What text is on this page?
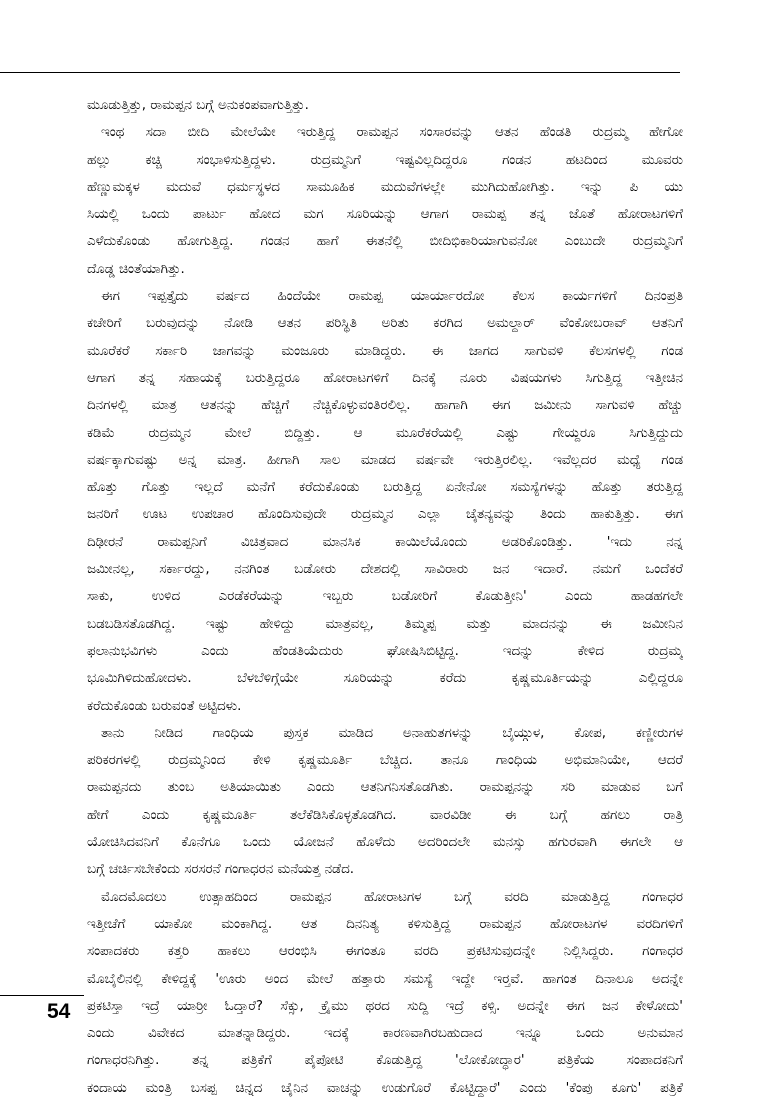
ಮೂಡುತ್ತಿತ್ತು, ರಾಮಪ್ಪನ ಬಗ್ಗೆ ಅನುಕಂಪವಾಗುತ್ತಿತ್ತು.
ಇಂಥ ಸದಾ ಬೀದಿ ಮೇಲೆಯೇ ಇರುತ್ತಿದ್ದ ರಾಮಪ್ಪನ ಸಂಸಾರವನ್ನು ಆತನ ಹೆಂಡತಿ ರುದ್ರಮ್ಮ ಹೇಗೋ
ಹಲ್ಲು ಕಚ್ಚಿ ಸಂಭಾಳಿಸುತ್ತಿದ್ದಳು. ರುದ್ರಮ್ಮನಿಗೆ ಇಷ್ಟವಿಲ್ಲದಿದ್ದರೂ ಗಂಡನ ಹಟದಿಂದ ಮೂವರು
ಹೆಣ್ಣುಮಕ್ಕಳ ಮದುವೆ ಧರ್ಮಸ್ಥಳದ ಸಾಮೂಹಿಕ ಮದುವೆಗಳಲ್ಲೇ ಮುಗಿದುಹೋಗಿತ್ತು. ಇನ್ನು ಪಿ ಯು
ಸಿಯಲ್ಲಿ ಒಂದು ಪಾರ್ಟು ಹೋದ ಮಗ ಸೂರಿಯನ್ನು ಆಗಾಗ ರಾಮಪ್ಪ ತನ್ನ ಜೊತೆ ಹೋರಾಟಗಳಿಗೆ
ಎಳೆದುಕೊಂಡು ಹೋಗುತ್ತಿದ್ದ. ಗಂಡನ ಹಾಗೆ ಈತನೆಲ್ಲಿ ಬೀದಿಭಿಕಾರಿಯಾಗುವನೋ ಎಂಬುದೇ ರುದ್ರಮ್ಮನಿಗೆ
ದೊಡ್ಡ ಚಿಂತೆಯಾಗಿತ್ತು.
ಈಗ ಇಪ್ಪತ್ತೈದು ವರ್ಷದ ಹಿಂದೆಯೇ ರಾಮಪ್ಪ ಯಾರ್ಯಾರದೋ ಕೆಲಸ ಕಾರ್ಯಗಳಿಗೆ ದಿನಂಪ್ರತಿ
ಕಚೇರಿಗೆ ಬರುವುದನ್ನು ನೋಡಿ ಆತನ ಪರಿಸ್ಥಿತಿ ಅರಿತು ಕರಗಿದ ಅಮಲ್ದಾರ್ ವೆಂಕೋಬರಾವ್ ಆತನಿಗೆ
ಮೂರೆಕರೆ ಸರ್ಕಾರಿ ಜಾಗವನ್ನು ಮಂಜೂರು ಮಾಡಿದ್ದರು. ಈ ಜಾಗದ ಸಾಗುವಳಿ ಕೆಲಸಗಳಲ್ಲಿ ಗಂಡ
ಆಗಾಗ ತನ್ನ ಸಹಾಯಕ್ಕೆ ಬರುತ್ತಿದ್ದರೂ ಹೋರಾಟಗಳಿಗೆ ದಿನಕ್ಕೆ ನೂರು ವಿಷಯಗಳು ಸಿಗುತ್ತಿದ್ದ ಇತ್ತೀಚಿನ
ದಿನಗಳಲ್ಲಿ ಮಾತ್ರ ಆತನನ್ನು ಹೆಚ್ಚಿಗೆ ನೆಚ್ಚಿಕೊಳ್ಳುವಂತಿರಲಿಲ್ಲ. ಹಾಗಾಗಿ ಈಗ ಜಮೀನು ಸಾಗುವಳಿ ಹೆಚ್ಚು
ಕಡಿಮೆ ರುದ್ರಮ್ಮನ ಮೇಲೆ ಬಿದ್ದಿತ್ತು. ಆ ಮೂರೆಕರೆಯಲ್ಲಿ ಎಷ್ಟು ಗೇಯ್ದರೂ ಸಿಗುತ್ತಿದ್ದುದು
ವರ್ಷಕ್ಕಾಗುವಷ್ಟು ಅನ್ನ ಮಾತ್ರ. ಹೀಗಾಗಿ ಸಾಲ ಮಾಡದ ವರ್ಷವೇ ಇರುತ್ತಿರಲಿಲ್ಲ. ಇವೆಲ್ಲದರ ಮಧ್ಯೆ ಗಂಡ
ಹೊತ್ತು ಗೊತ್ತು ಇಲ್ಲದೆ ಮನೆಗೆ ಕರೆದುಕೊಂಡು ಬರುತ್ತಿದ್ದ ಏನೇನೋ ಸಮಸ್ಯೆಗಳನ್ನು ಹೊತ್ತು ತರುತ್ತಿದ್ದ
ಜನರಿಗೆ ಊಟ ಉಪಚಾರ ಹೊಂದಿಸುವುದೇ ರುದ್ರಮ್ಮನ ಎಲ್ಲಾ ಚೈತನ್ಯವನ್ನು ತಿಂದು ಹಾಕುತ್ತಿತ್ತು. ಈಗ
ದಿಢೀರನೆ ರಾಮಪ್ಪನಿಗೆ ವಿಚಿತ್ರವಾದ ಮಾನಸಿಕ ಕಾಯಿಲೆಯೊಂದು ಅಡರಿಕೊಂಡಿತ್ತು. 'ಇದು ನನ್ನ
ಜಮೀನಲ್ಲ, ಸರ್ಕಾರದ್ದು, ನನಗಿಂತ ಬಡೋರು ದೇಶದಲ್ಲಿ ಸಾವಿರಾರು ಜನ ಇದಾರೆ. ನಮಗೆ ಒಂದೆಕರೆ
ಸಾಕು, ಉಳಿದ ಎರಡೆಕರೆಯನ್ನು ಇಬ್ಬರು ಬಡೋರಿಗೆ ಕೊಡುತ್ತೀನಿ' ಎಂದು ಹಾಡಹಗಲೇ
ಬಡಬಡಿಸತೊಡಗಿದ್ದ. ಇಷ್ಟು ಹೇಳಿದ್ದು ಮಾತ್ರವಲ್ಲ, ತಿಮ್ಮಪ್ಪ ಮತ್ತು ಮಾದನನ್ನು ಈ ಜಮೀನಿನ
ಫಲಾನುಭವಿಗಳು ಎಂದು ಹೆಂಡತಿಯೆದುರು ಘೋಷಿಸಿಬಿಟ್ಟಿದ್ದ. ಇದನ್ನು ಕೇಳಿದ ರುದ್ರಮ್ಮ
ಭೂಮಿಗಿಳಿದುಹೋದಳು. ಬೆಳಬೆಳಿಗ್ಗೆಯೇ ಸೂರಿಯನ್ನು ಕರೆದು ಕೃಷ್ಣಮೂರ್ತಿಯನ್ನು ಎಲ್ಲಿದ್ದರೂ
ಕರೆದುಕೊಂಡು ಬರುವಂತೆ ಅಟ್ಟಿದಳು.
ತಾನು ನೀಡಿದ ಗಾಂಧಿಯ ಪುಸ್ತಕ ಮಾಡಿದ ಅನಾಹುತಗಳನ್ನು ಬೈಯ್ಗುಳ, ಕೋಪ, ಕಣ್ಣೀರುಗಳ
ಪರಿಕರಗಳಲ್ಲಿ ರುದ್ರಮ್ಮನಿಂದ ಕೇಳಿ ಕೃಷ್ಣಮೂರ್ತಿ ಬೆಚ್ಚಿದ. ತಾನೂ ಗಾಂಧಿಯ ಅಭಿಮಾನಿಯೇ, ಆದರೆ
ರಾಮಪ್ಪನದು ತುಂಬ ಅತಿಯಾಯಿತು ಎಂದು ಆತನಿಗನಿಸತೊಡಗಿತು. ರಾಮಪ್ಪನನ್ನು ಸರಿ ಮಾಡುವ ಬಗೆ
ಹೇಗೆ ಎಂದು ಕೃಷ್ಣಮೂರ್ತಿ ತಲೆಕೆಡಿಸಿಕೊಳ್ಳತೊಡಗಿದ. ವಾರವಿಡೀ ಈ ಬಗ್ಗೆ ಹಗಲು ರಾತ್ರಿ
ಯೋಚಿಸಿದವನಿಗೆ ಕೊನೆಗೂ ಒಂದು ಯೋಜನೆ ಹೊಳೆದು ಅದರಿಂದಲೇ ಮನಸ್ಸು ಹಗುರವಾಗಿ ಈಗಲೇ ಆ
ಬಗ್ಗೆ ಚರ್ಚಿಸಬೇಕೆಂದು ಸರಸರನೆ ಗಂಗಾಧರನ ಮನೆಯತ್ತ ನಡೆದ.
ಮೊದಮೊದಲು ಉತ್ಸಾಹದಿಂದ ರಾಮಪ್ಪನ ಹೋರಾಟಗಳ ಬಗ್ಗೆ ವರದಿ ಮಾಡುತ್ತಿದ್ದ ಗಂಗಾಧರ
ಇತ್ತೀಚೆಗೆ ಯಾಕೋ ಮಂಕಾಗಿದ್ದ. ಆತ ದಿನನಿತ್ಯ ಕಳಿಸುತ್ತಿದ್ದ ರಾಮಪ್ಪನ ಹೋರಾಟಗಳ ವರದಿಗಳಿಗೆ
ಸಂಪಾದಕರು ಕತ್ತರಿ ಹಾಕಲು ಆರಂಭಿಸಿ ಈಗಂತೂ ವರದಿ ಪ್ರಕಟಿಸುವುದನ್ನೇ ನಿಲ್ಲಿಸಿದ್ದರು. ಗಂಗಾಧರ
ಮೊಬೈಲಿನಲ್ಲಿ ಕೇಳಿದ್ದಕ್ಕೆ 'ಊರು ಅಂದ ಮೇಲೆ ಹತ್ತಾರು ಸಮಸ್ಯೆ ಇದ್ದೇ ಇರ್‍ತವೆ. ಹಾಗಂತ ದಿನಾಲೂ ಅದನ್ನೇ
ಪ್ರಕಟಿಸ್ತಾ ಇದ್ರೆ ಯಾರ್‍ರೀ ಓದ್ತಾರೆ? ಸೆಕ್ಸು, ಕ್ರೈಮು ಥರದ ಸುದ್ದಿ ಇದ್ರೆ ಕಳ್ಸಿ. ಅದನ್ನೇ ಈಗ ಜನ ಕೇಳೋದು'
ಎಂದು ವಿವೇಕದ ಮಾತನ್ನಾಡಿದ್ದರು. ಇದಕ್ಕೆ ಕಾರಣವಾಗಿರಬಹುದಾದ ಇನ್ನೂ ಒಂದು ಅನುಮಾನ
ಗಂಗಾಧರನಿಗಿತ್ತು. ತನ್ನ ಪತ್ರಿಕೆಗೆ ಪೈಪೋಟಿ ಕೊಡುತ್ತಿದ್ದ 'ಲೋಕೋದ್ಧಾರ' ಪತ್ರಿಕೆಯ ಸಂಪಾದಕನಿಗೆ
ಕಂದಾಯ ಮಂತ್ರಿ ಬಸಪ್ಪ ಚಿನ್ನದ ಚೈನಿನ ವಾಚನ್ನು ಉಡುಗೊರೆ ಕೊಟ್ಟಿದ್ದಾರೆ' ಎಂದು 'ಕೆಂಪು ಕೂಗು' ಪತ್ರಿಕೆ
54
